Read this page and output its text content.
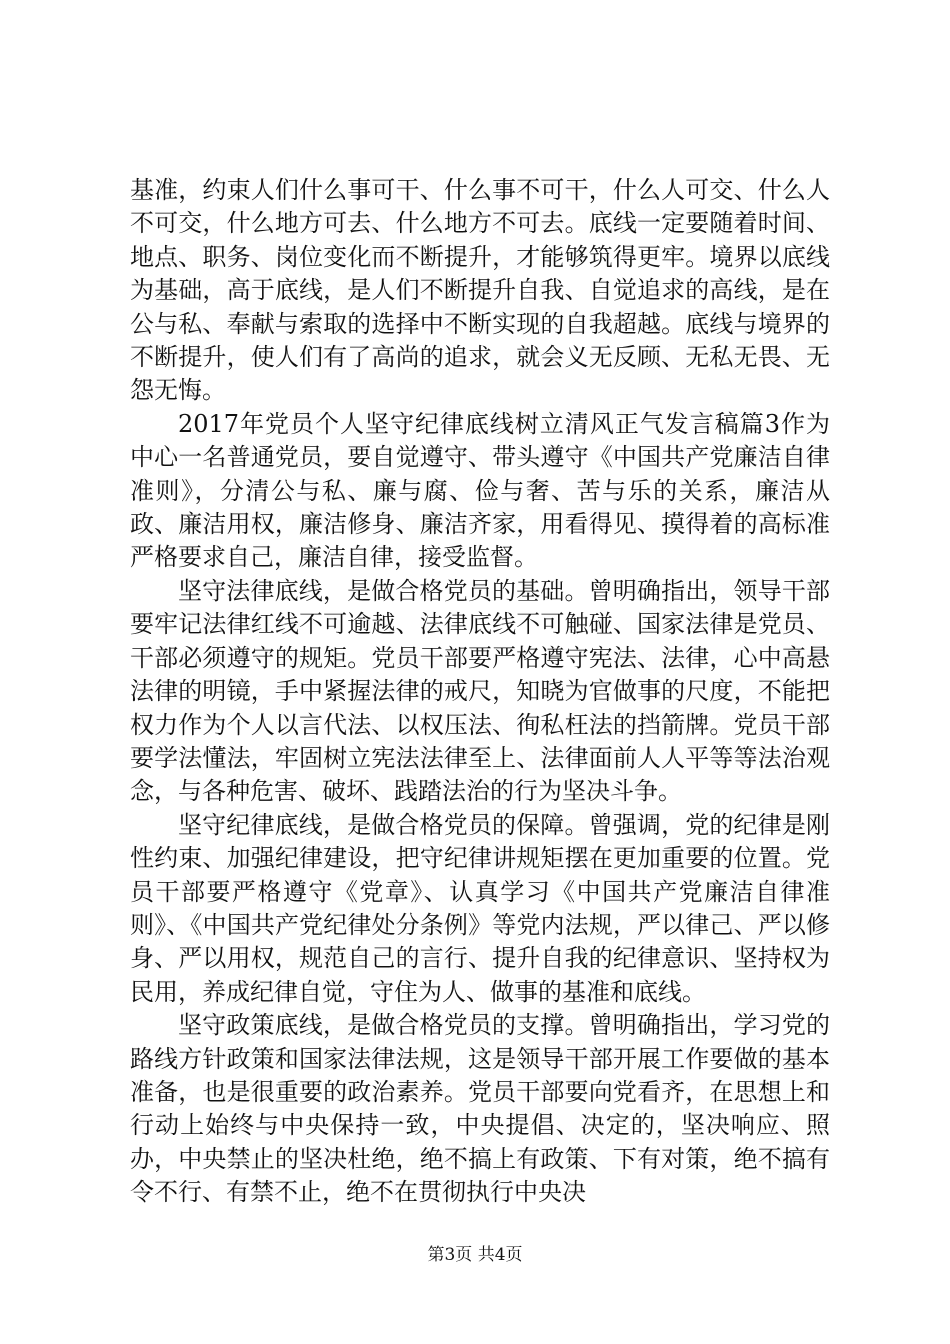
基准，约束人们什么事可干、什么事不可干，什么人可交、什么人不可交，什么地方可去、什么地方不可去。底线一定要随着时间、地点、职务、岗位变化而不断提升，才能够筑得更牢。境界以底线为基础，高于底线，是人们不断提升自我、自觉追求的高线，是在公与私、奉献与索取的选择中不断实现的自我超越。底线与境界的不断提升，使人们有了高尚的追求，就会义无反顾、无私无畏、无怨无悔。

2017年党员个人坚守纪律底线树立清风正气发言稿篇3作为中心一名普通党员，要自觉遵守、带头遵守《中国共产党廉洁自律准则》，分清公与私、廉与腐、俭与奢、苦与乐的关系，廉洁从政、廉洁用权，廉洁修身、廉洁齐家，用看得见、摸得着的高标准严格要求自己，廉洁自律，接受监督。

坚守法律底线，是做合格党员的基础。曾明确指出，领导干部要牢记法律红线不可逾越、法律底线不可触碰、国家法律是党员、干部必须遵守的规矩。党员干部要严格遵守宪法、法律，心中高悬法律的明镜，手中紧握法律的戒尺，知晓为官做事的尺度，不能把权力作为个人以言代法、以权压法、徇私枉法的挡箭牌。党员干部要学法懂法，牢固树立宪法法律至上、法律面前人人平等等法治观念，与各种危害、破坏、践踏法治的行为坚决斗争。

坚守纪律底线，是做合格党员的保障。曾强调，党的纪律是刚性约束、加强纪律建设，把守纪律讲规矩摆在更加重要的位置。党员干部要严格遵守《党章》、认真学习《中国共产党廉洁自律准则》、《中国共产党纪律处分条例》等党内法规，严以律己、严以修身、严以用权，规范自己的言行、提升自我的纪律意识、坚持权为民用，养成纪律自觉，守住为人、做事的基准和底线。

坚守政策底线，是做合格党员的支撑。曾明确指出，学习党的路线方针政策和国家法律法规，这是领导干部开展工作要做的基本准备，也是很重要的政治素养。党员干部要向党看齐，在思想上和行动上始终与中央保持一致，中央提倡、决定的，坚决响应、照办，中央禁止的坚决杜绝，绝不搞上有政策、下有对策，绝不搞有令不行、有禁不止，绝不在贯彻执行中央决

第3页 共4页
